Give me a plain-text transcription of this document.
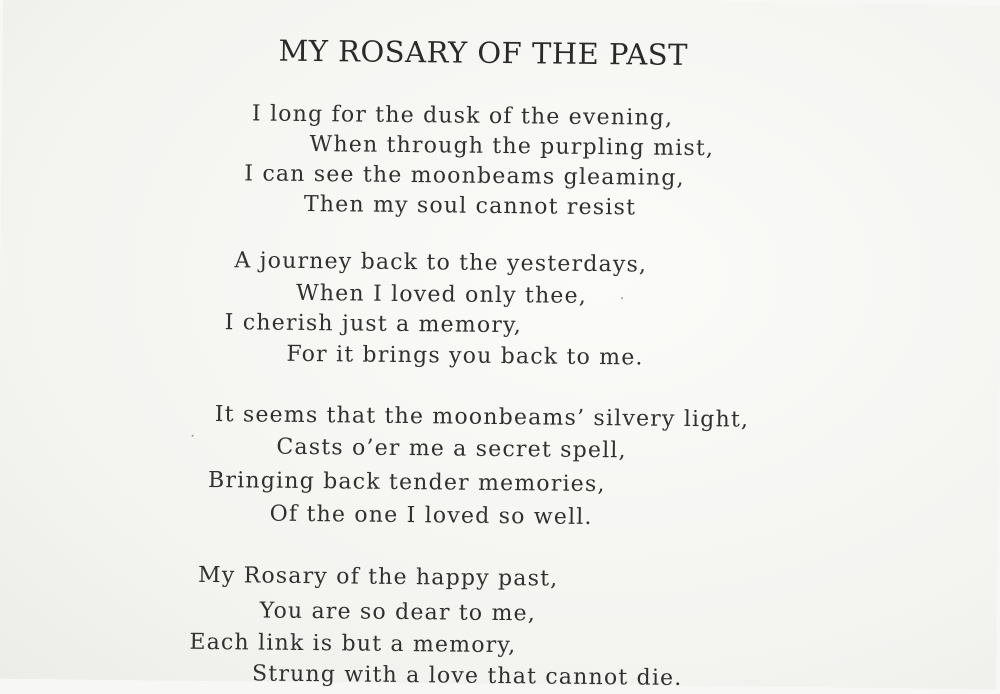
MY ROSARY OF THE PAST
I long for the dusk of the evening,
When through the purpling mist,
I can see the moonbeams gleaming,
Then my soul cannot resist
A journey back to the yesterdays,
When I loved only thee,
I cherish just a memory,
For it brings you back to me.
It seems that the moonbeams’ silvery light,
Casts o’er me a secret spell,
Bringing back tender memories,
Of the one I loved so well.
My Rosary of the happy past,
You are so dear to me,
Each link is but a memory,
Strung with a love that cannot die.
